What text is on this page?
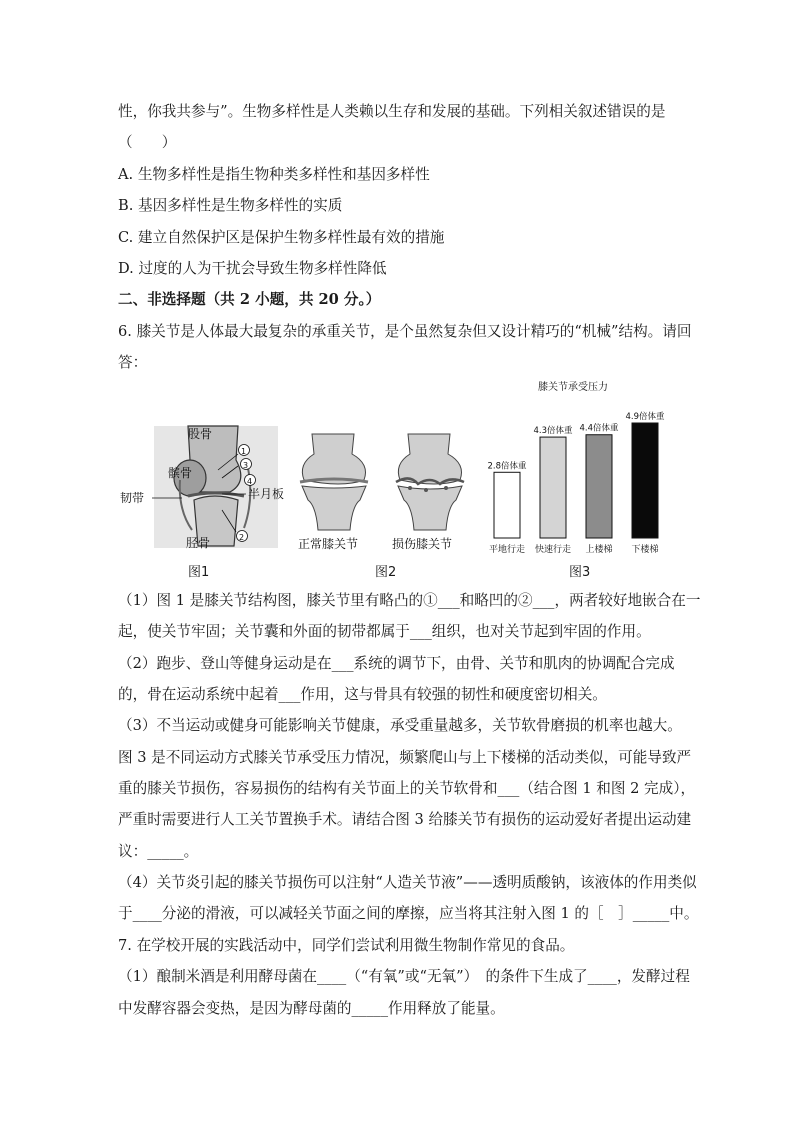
性，你我共参与”。生物多样性是人类赖以生存和发展的基础。下列相关叙述错误的是
（　　）
A. 生物多样性是指生物种类多样性和基因多样性
B. 基因多样性是生物多样性的实质
C. 建立自然保护区是保护生物多样性最有效的措施
D. 过度的人为干扰会导致生物多样性降低
二、非选择题（共 2 小题，共 20 分。）
6. 膝关节是人体最大最复杂的承重关节，是个虽然复杂但又设计精巧的“机械”结构。请回
答：
股骨
髌骨
韧带
胫骨
半月板
1
3
4
2	正常膝关节	损伤膝关节
膝关节承受压力
2.8倍体重
平地行走
4.3倍体重
快速行走
4.4倍体重
上楼梯
4.9倍体重
下楼梯
图1	图2	图3
（1）图 1 是膝关节结构图，膝关节里有略凸的①___和略凹的②___，两者较好地嵌合在一
起，使关节牢固；关节囊和外面的韧带都属于___组织，也对关节起到牢固的作用。
（2）跑步、登山等健身运动是在___系统的调节下，由骨、关节和肌肉的协调配合完成
的，骨在运动系统中起着___作用，这与骨具有较强的韧性和硬度密切相关。
（3）不当运动或健身可能影响关节健康，承受重量越多，关节软骨磨损的机率也越大。
图 3 是不同运动方式膝关节承受压力情况，频繁爬山与上下楼梯的活动类似，可能导致严
重的膝关节损伤，容易损伤的结构有关节面上的关节软骨和___（结合图 1 和图 2 完成），
严重时需要进行人工关节置换手术。请结合图 3 给膝关节有损伤的运动爱好者提出运动建
议：_____。
（4）关节炎引起的膝关节损伤可以注射“人造关节液”——透明质酸钠，该液体的作用类似
于____分泌的滑液，可以减轻关节面之间的摩擦，应当将其注射入图 1 的［　］_____中。
7. 在学校开展的实践活动中，同学们尝试利用微生物制作常见的食品。
（1）酿制米酒是利用酵母菌在____（“有氧”或“无氧”）　的条件下生成了____，发酵过程
中发酵容器会变热，是因为酵母菌的_____作用释放了能量。
